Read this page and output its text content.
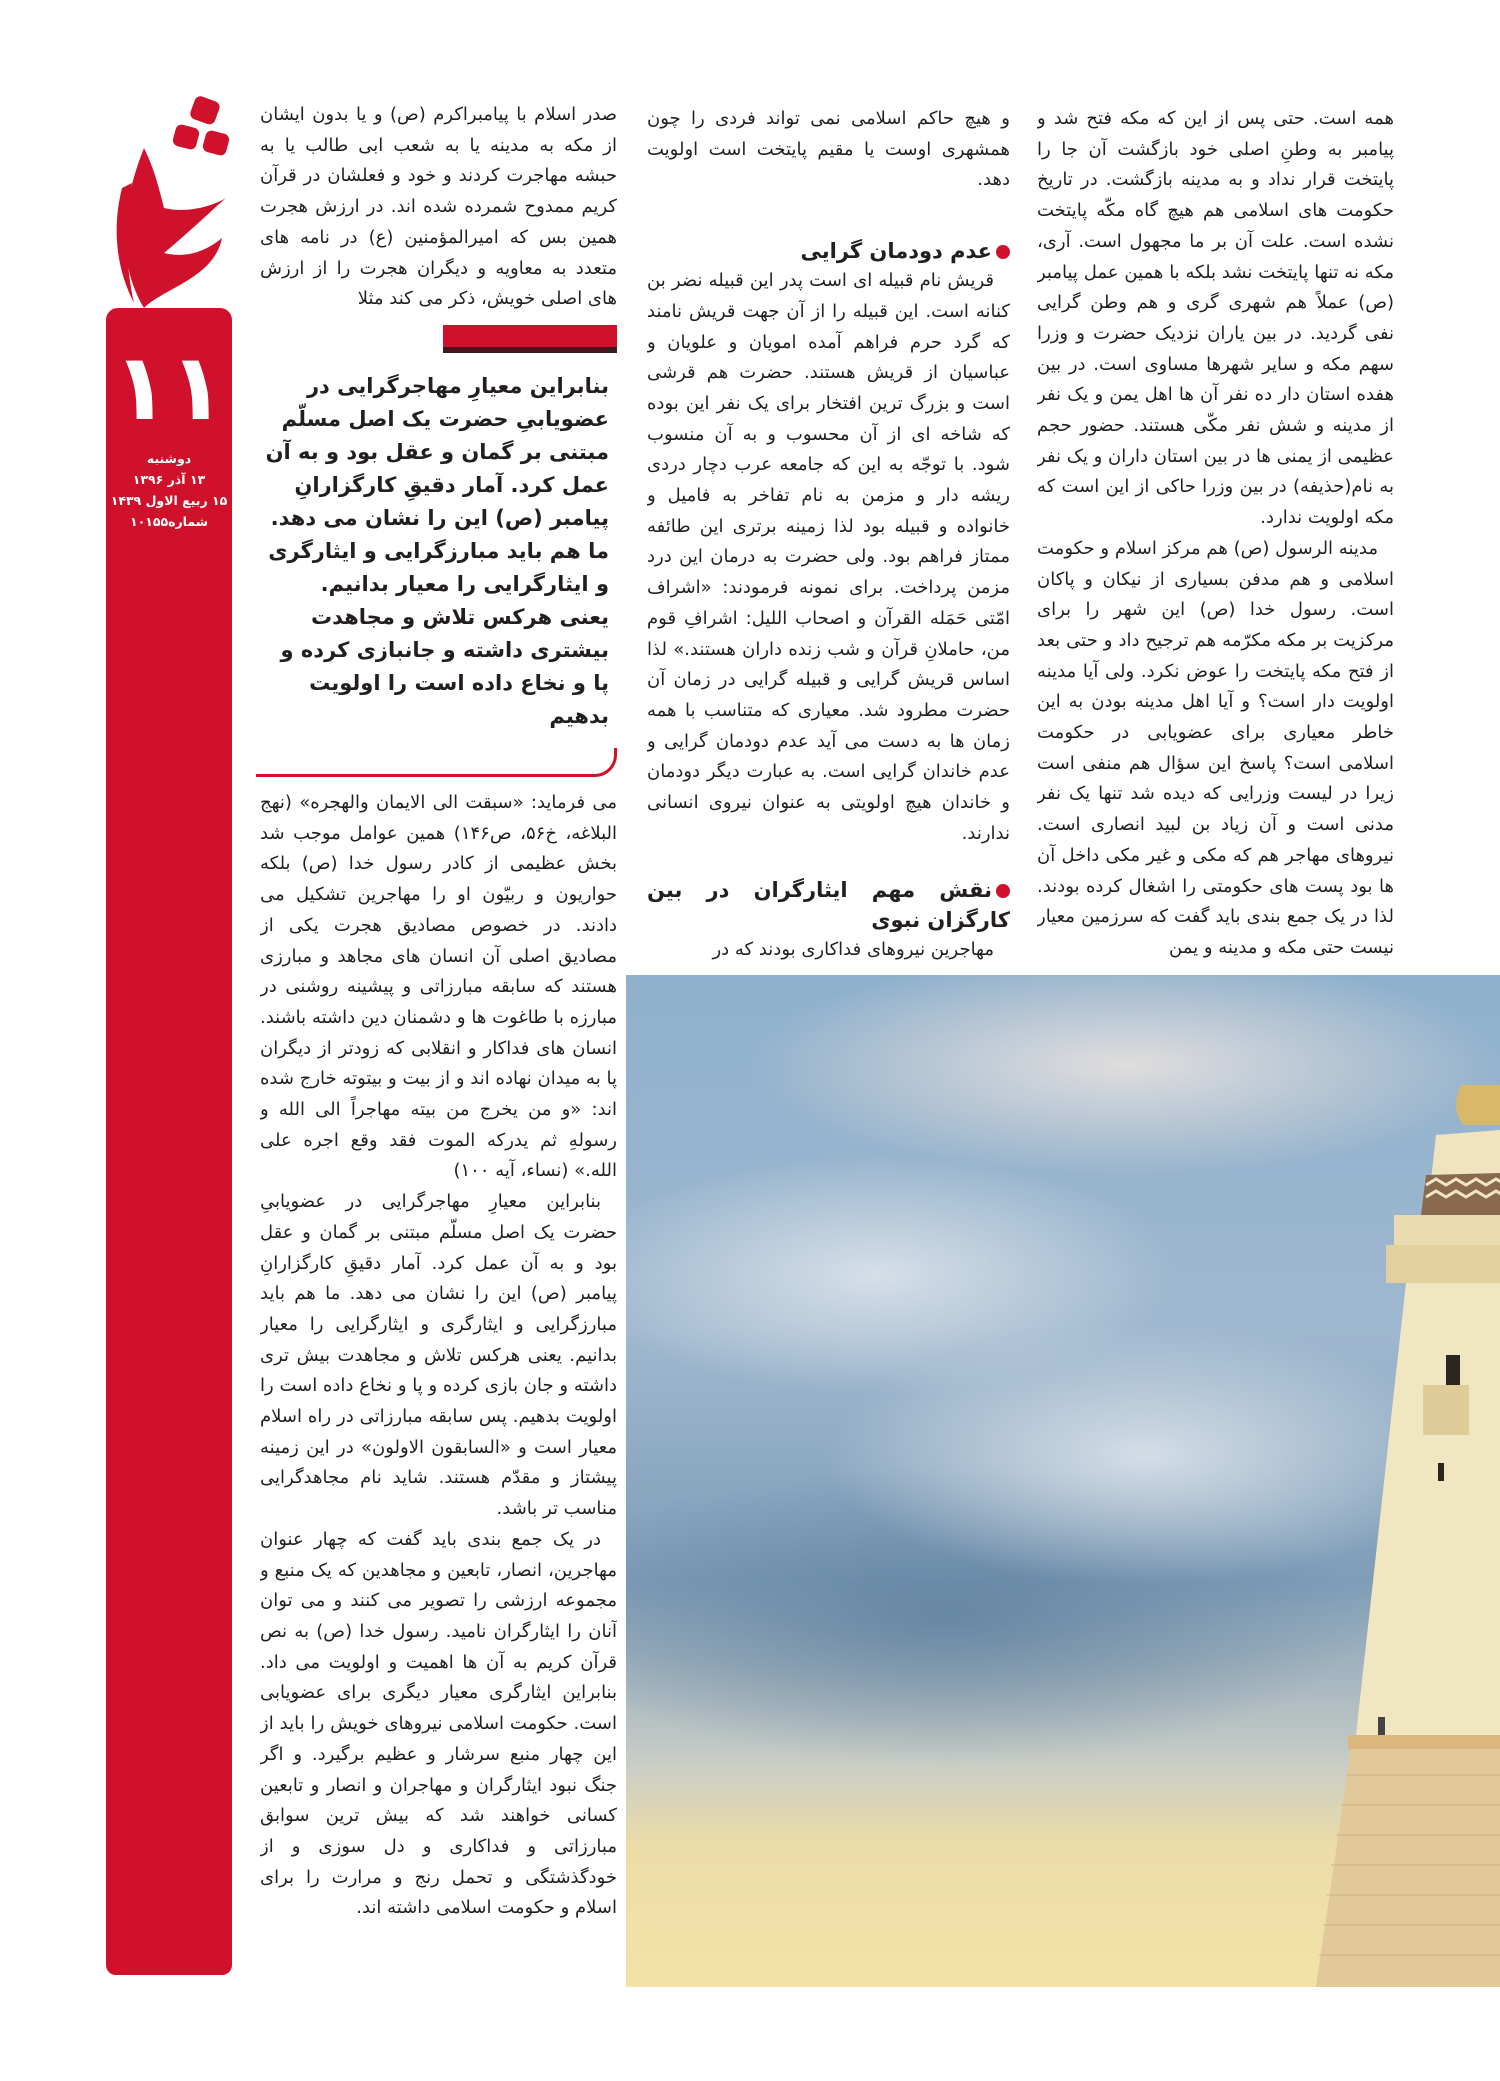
۱۱
دوشنبه
۱۳ آذر ۱۳۹۶
۱۵ ربیع الاول ۱۴۳۹
شماره۱۰۱۵۵

همه است. حتی پس از این که مکه فتح شد و پیامبر به وطنِ اصلی خود بازگشت آن جا را پایتخت قرار نداد و به مدینه بازگشت. در تاریخ حکومت های اسلامی هم هیچ گاه مکّه پایتخت نشده است. علت آن بر ما مجهول است. آری، مکه نه تنها پایتخت نشد بلکه با همین عمل پیامبر (ص) عملاً هم شهری گری و هم وطن گرایی نفی گردید. در بین یاران نزدیک حضرت و وزرا سهم مکه و سایر شهرها مساوی است. در بین هفده استان دار ده نفر آن ها اهل یمن و یک نفر از مدینه و شش نفر مکّی هستند. حضور حجم عظیمی از یمنی ها در بین استان داران و یک نفر به نام(حذیفه) در بین وزرا حاکی از این است که مکه اولویت ندارد.

مدینه الرسول (ص) هم مرکز اسلام و حکومت اسلامی و هم مدفن بسیاری از نیکان و پاکان است. رسول خدا (ص) این شهر را برای مرکزیت بر مکه مکرّمه هم ترجیح داد و حتی بعد از فتح مکه پایتخت را عوض نکرد. ولی آیا مدینه اولویت دار است؟ و آیا اهل مدینه بودن به این خاطر معیاری برای عضویابی در حکومت اسلامی است؟ پاسخ این سؤال هم منفی است زیرا در لیست وزرایی که دیده شد تنها یک نفر مدنی است و آن زیاد بن لبید انصاری است. نیروهای مهاجر هم که مکی و غیر مکی داخل آن ها بود پست های حکومتی را اشغال کرده بودند. لذا در یک جمع بندی باید گفت که سرزمین معیار نیست حتی مکه و مدینه و یمن

و هیچ حاکم اسلامی نمی تواند فردی را چون همشهری اوست یا مقیم پایتخت است اولویت دهد.

عدم دودمان گرایی

قریش نام قبیله ای است پدر این قبیله نضر بن کنانه است. این قبیله را از آن جهت قریش نامند که گرد حرم فراهم آمده امویان و علویان و عباسیان از قریش هستند. حضرت هم قرشی است و بزرگ ترین افتخار برای یک نفر این بوده که شاخه ای از آن محسوب و به آن منسوب شود. با توجّه به این که جامعه عرب دچار دردی ریشه دار و مزمن به نام تفاخر به فامیل و خانواده و قبیله بود لذا زمینه برتری این طائفه ممتاز فراهم بود. ولی حضرت به درمان این درد مزمن پرداخت. برای نمونه فرمودند: «اشراف امّتی حَمَله القرآن و اصحاب اللیل: اشرافِ قوم من، حاملانِ قرآن و شب زنده داران هستند.» لذا اساس قریش گرایی و قبیله گرایی در زمان آن حضرت مطرود شد. معیاری که متناسب با همه زمان ها به دست می آید عدم دودمان گرایی و عدم خاندان گرایی است. به عبارت دیگر دودمان و خاندان هیچ اولویتی به عنوان نیروی انسانی ندارند.

نقش مهم ایثارگران در بین کارگزان نبوی

مهاجرین نیروهای فداکاری بودند که در

صدر اسلام با پیامبراکرم (ص) و یا بدون ایشان از مکه به مدینه یا به شعب ابی طالب یا به حبشه مهاجرت کردند و خود و فعلشان در قرآن کریم ممدوح شمرده شده اند. در ارزش هجرت همین بس که امیرالمؤمنین (ع) در نامه های متعدد به معاویه و دیگران هجرت را از ارزش های اصلی خویش، ذکر می کند مثلا

بنابراین معیارِ مهاجرگرایی در عضویابیِ حضرت یک اصل مسلّم مبتنی بر گمان و عقل بود و به آن عمل کرد. آمار دقیقِ کارگزارانِ پیامبر (ص) این را نشان می دهد. ما هم باید مبارزگرایی و ایثارگری و ایثارگرایی را معیار بدانیم. یعنی هرکس تلاش و مجاهدت بیشتری داشته و جانبازی کرده و پا و نخاع داده است را اولویت بدهیم

می فرماید: «سبقت الی الایمان والهجره» (نهج البلاغه، خ۵۶، ص۱۴۶) همین عوامل موجب شد بخش عظیمی از کادر رسول خدا (ص) بلکه حواریون و ربیّون او را مهاجرین تشکیل می دادند. در خصوص مصادیق هجرت یکی از مصادیق اصلی آن انسان های مجاهد و مبارزی هستند که سابقه مبارزاتی و پیشینه روشنی در مبارزه با طاغوت ها و دشمنان دین داشته باشند. انسان های فداکار و انقلابی که زودتر از دیگران پا به میدان نهاده اند و از بیت و بیتوته خارج شده اند: «و من یخرج من بیته مهاجراً الی الله و رسولهِ ثم یدرکه الموت فقد وقع اجره علی الله.» (نساء، آیه ۱۰۰)

بنابراین معیارِ مهاجرگرایی در عضویابیِ حضرت یک اصل مسلّم مبتنی بر گمان و عقل بود و به آن عمل کرد. آمار دقیقِ کارگزارانِ پیامبر (ص) این را نشان می دهد. ما هم باید مبارزگرایی و ایثارگری و ایثارگرایی را معیار بدانیم. یعنی هرکس تلاش و مجاهدت بیش تری داشته و جان بازی کرده و پا و نخاع داده است را اولویت بدهیم. پس سابقه مبارزاتی در راه اسلام معیار است و «السابقون الاولون» در این زمینه پیشتاز و مقدّم هستند. شاید نام مجاهدگرایی مناسب تر باشد.

در یک جمع بندی باید گفت که چهار عنوان مهاجرین، انصار، تابعین و مجاهدین که یک منبع و مجموعه ارزشی را تصویر می کنند و می توان آنان را ایثارگران نامید. رسول خدا (ص) به نص قرآن کریم به آن ها اهمیت و اولویت می داد. بنابراین ایثارگری معیار دیگری برای عضویابی است. حکومت اسلامی نیروهای خویش را باید از این چهار منبع سرشار و عظیم برگیرد. و اگر جنگ نبود ایثارگران و مهاجران و انصار و تابعین کسانی خواهند شد که بیش ترین سوابق مبارزاتی و فداکاری و دل سوزی و از خودگذشتگی و تحمل رنج و مرارت را برای اسلام و حکومت اسلامی داشته اند.
